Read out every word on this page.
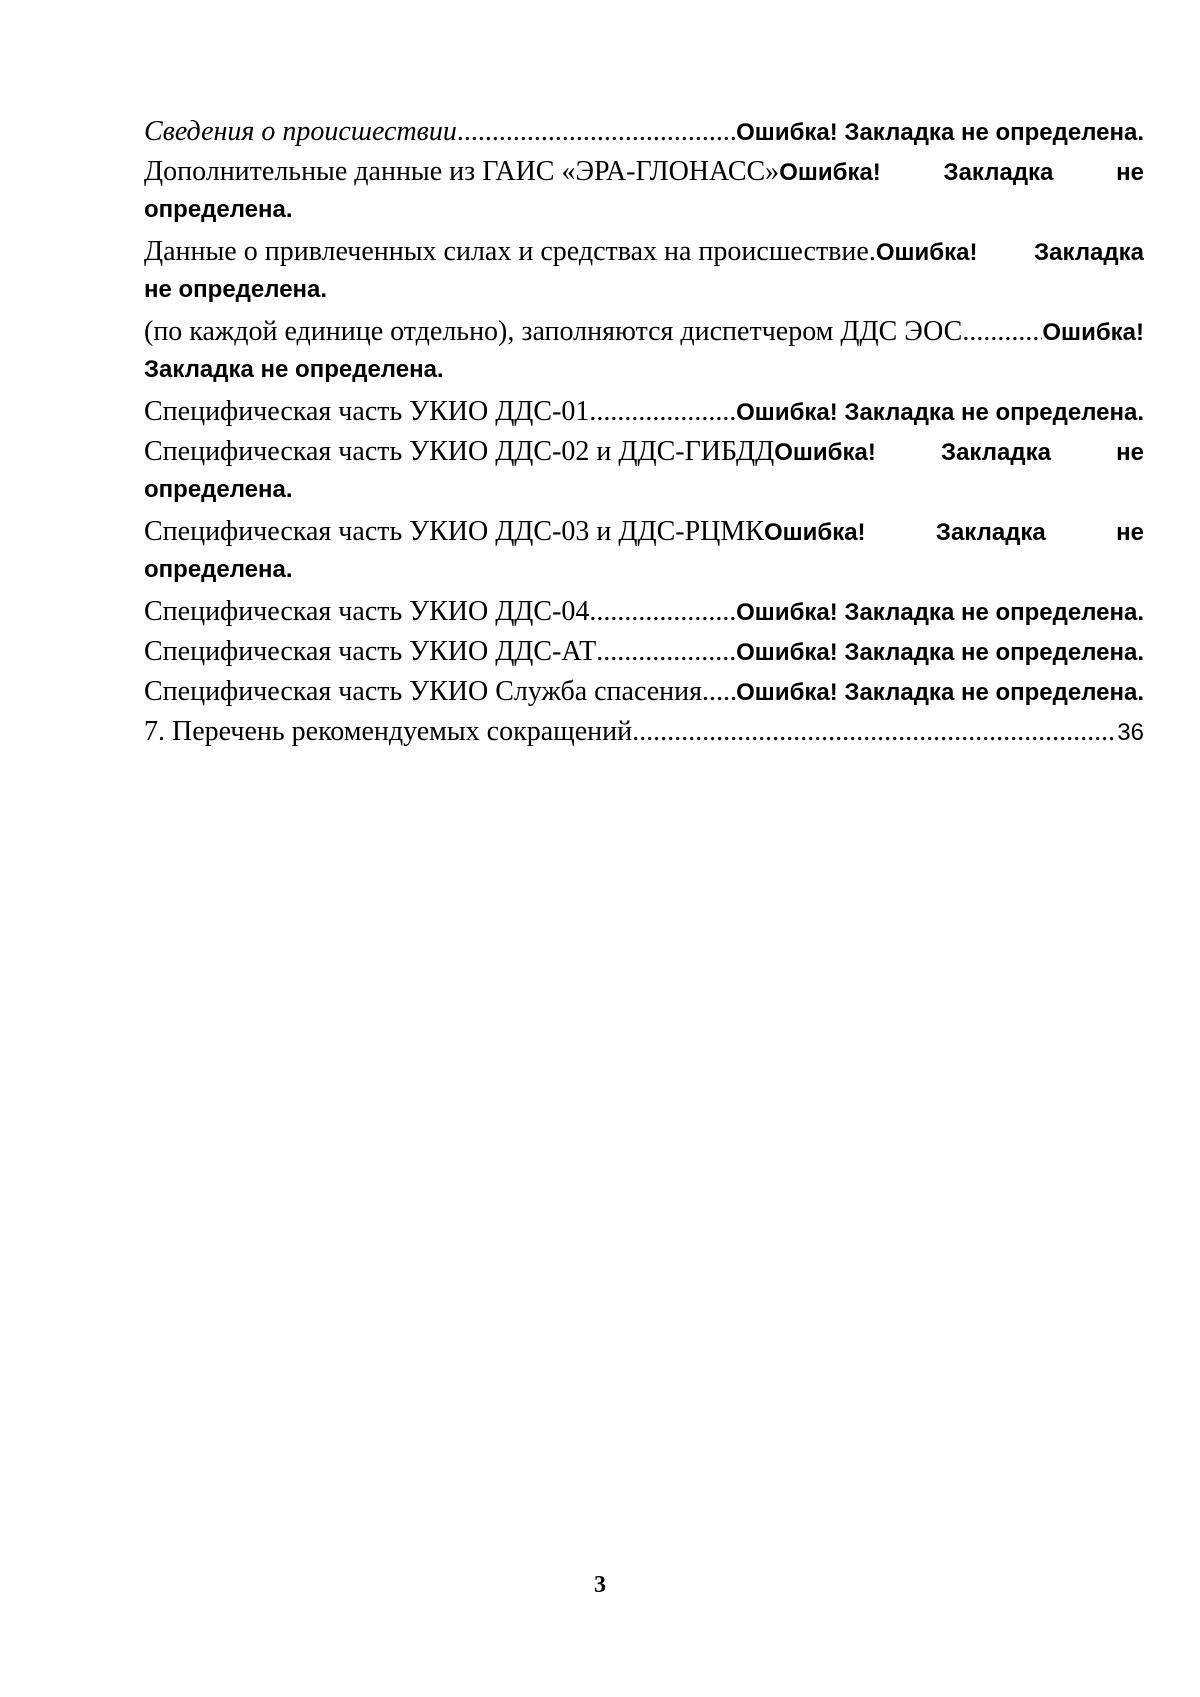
Сведения о происшествии .....	Ошибка! Закладка не определена.
Дополнительные данные из ГАИС «ЭРА-ГЛОНАСС» Ошибка!	Закладка	не
определена.
Данные о привлеченных силах и средствах на происшествие. Ошибка! Закладка
не определена.
(по каждой единице отдельно), заполняются диспетчером ДДС ЭОС .....	Ошибка!
Закладка не определена.
Специфическая часть УКИО ДДС-01 .....	Ошибка! Закладка не определена.
Специфическая часть УКИО ДДС-02 и ДДС-ГИБДД Ошибка!	Закладка	не
определена.
Специфическая часть УКИО ДДС-03 и ДДС-РЦМК Ошибка!	Закладка	не
определена.
Специфическая часть УКИО ДДС-04 .....	Ошибка! Закладка не определена.
Специфическая часть УКИО ДДС-АТ .....	Ошибка! Закладка не определена.
Специфическая часть УКИО Служба спасения ..... Ошибка! Закладка не определена.
7. Перечень рекомендуемых сокращений .....	36
3
